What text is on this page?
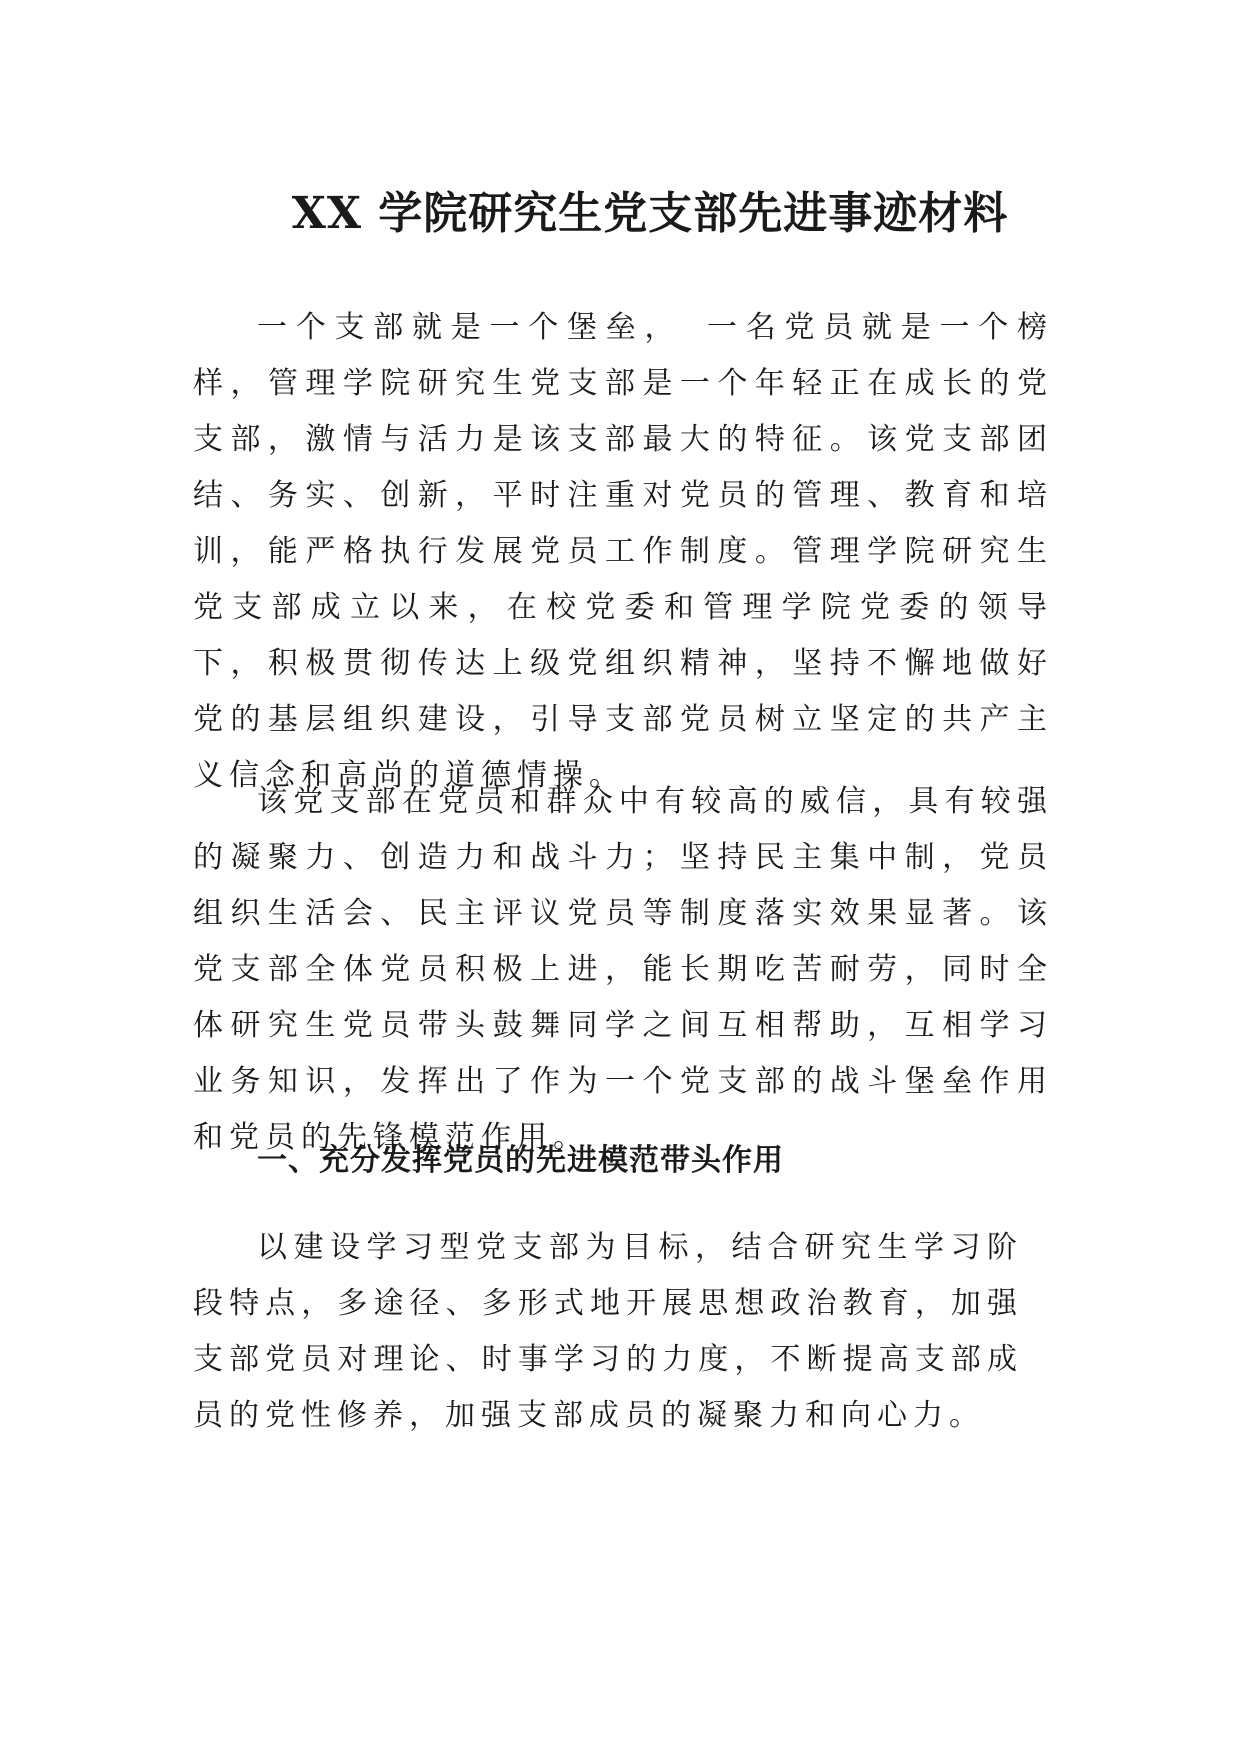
XX 学院研究生党支部先进事迹材料

一个支部就是一个堡垒，　一名党员就是一个榜样，管理学院研究生党支部是一个年轻正在成长的党支部，激情与活力是该支部最大的特征。该党支部团结、务实、创新，平时注重对党员的管理、教育和培训，能严格执行发展党员工作制度。管理学院研究生党支部成立以来，在校党委和管理学院党委的领导下，积极贯彻传达上级党组织精神，坚持不懈地做好党的基层组织建设，引导支部党员树立坚定的共产主义信念和高尚的道德情操。

该党支部在党员和群众中有较高的威信，具有较强的凝聚力、创造力和战斗力；坚持民主集中制，党员组织生活会、民主评议党员等制度落实效果显著。该党支部全体党员积极上进，能长期吃苦耐劳，同时全体研究生党员带头鼓舞同学之间互相帮助，互相学习业务知识，发挥出了作为一个党支部的战斗堡垒作用和党员的先锋模范作用。

一、充分发挥党员的先进模范带头作用

以建设学习型党支部为目标，结合研究生学习阶段特点，多途径、多形式地开展思想政治教育，加强支部党员对理论、时事学习的力度，不断提高支部成员的党性修养，加强支部成员的凝聚力和向心力。
